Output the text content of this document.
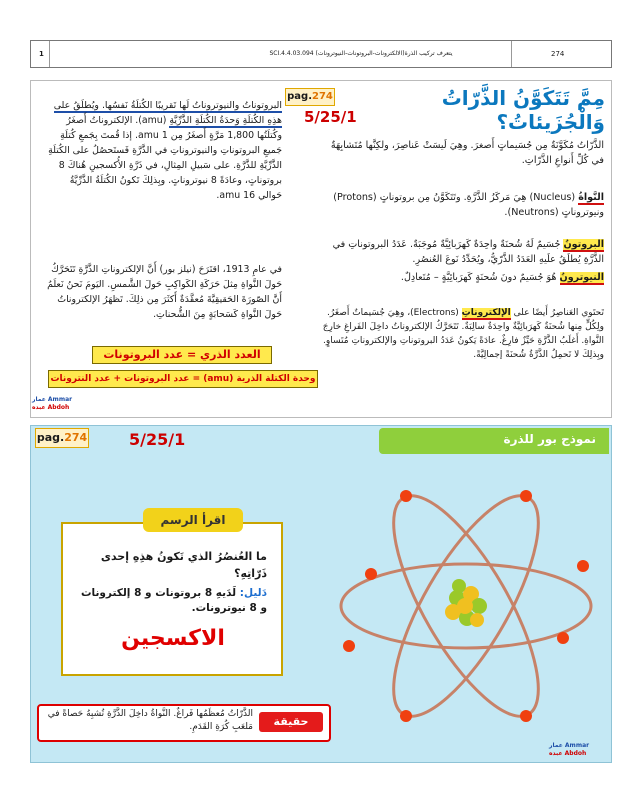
1	SCI.4.4.03.094 يتعرف تركيب الذرة(الالكترونات-البروتونات-النيوترونات)	274
pag.274
5/25/1
مِمَّ تَتَكَوَّنُ الذَّرّاتُ وَالْجُزَيئاتُ؟
الذَّرّاتُ مُكَوَّنَةٌ مِن جُسَيماتٍ أَصغرَ. وهِيَ لَيسَتْ عَناصِرَ، ولكِنَّها مُتَشابِهَةٌ في كُلِّ أَنواعِ الذَّرّاتِ.
النَّواةُ (Nucleus) هِيَ مَركَزُ الذَّرَّةِ. وتَتَكَوَّنُ مِن بروتوناتٍ (Protons) ونيوتروناتٍ (Neutrons).
البروتونُ جُسَيمٌ لَهُ شُحنَةٌ واحِدَةٌ كَهرَبائِيَّةٌ مُوجَبَةٌ. عَدَدُ البروتوناتِ في الذَّرَّةِ يُطلَقُ علَيهِ العَدَدُ الذَّرّيُّ، ويُحَدِّدُ نَوعَ العُنصُرِ.
النيوترونُ هُوَ جُسَيمٌ دونَ شُحنَةٍ كَهرَبائِيَّةٍ – مُتَعادِلٌ.
تَحتَوي العَناصِرُ أَيضًا على الإلكتروناتِ (Electrons)، وهِيَ جُسَيماتٌ أَصغَرُ. ولِكُلٍّ مِنها شُحنَةٌ كَهرَبائِيَّةٌ واحِدَةٌ سالِبَةٌ. تَتَحَرَّكُ الإلكتروناتُ داخِلَ الفَراغِ خارِجَ النَّواةِ. أَغلَبُ الذَّرَّةِ حَيِّزٌ فارِغٌ. عادَةً يَكونُ عَدَدُ البروتوناتِ والإلكتروناتِ مُتَساوٍ. وبِذلِكَ لا تَحمِلُ الذَّرَّةُ شُحنَةً إجمالِيَّةً.
البروتوناتُ والنيوتروناتُ لَها تَقريبًا الكُتلَةُ نَفسُها. ويُطلَقُ على هذِهِ الكُتلَةِ وَحدَةُ الكُتلَةِ الذَّرِّيَّةِ (amu). الإلكتروناتُ أَصغَرُ وكُتلَتُها 1,800 مَرَّةٍ أَصغَرُ مِن 1 amu. إذا قُمتَ بِجَمعِ كُتلَةِ جَميعِ البروتوناتِ والنيوتروناتِ في الذَّرَّةِ فَستَحصُلُ على الكُتلَةِ الذَّرِّيَّةِ للذَّرَّةِ. على سَبيلِ المِثالِ، في ذَرَّةِ الأُكسجينِ هُناكَ 8 بروتوناتٍ، وعادَةً 8 نيوتروناتٍ. وبِذلِكَ تَكونُ الكُتلَةُ الذَّرِّيَّةُ حَوالي 16 amu.
في عامِ 1913، اقتَرَحَ (نيلز بور) أَنَّ الإلكتروناتِ الذَّرَّةِ تَتَحَرَّكُ حَولَ النَّواةِ مِثلَ حَرَكَةِ الكَواكِبِ حَولَ الشَّمسِ. اليَومَ نَحنُ نَعلَمُ أَنَّ الصّورَةَ الحَقيقِيَّةَ مُعقَّدَةٌ أَكثَرَ مِن ذلِكَ. تَظهَرُ الإلكتروناتُ حَولَ النَّواةِ كَسَحابَةٍ مِنَ الشُّحناتِ.
العدد الذري = عدد البروتونات
وحدة الكتلة الذرية (amu) = عدد البروتونات + عدد النترونات
عمار Ammar
عبده Abdoh
نموذج بور للذرة
pag.274	5/25/1
اقرأ الرسم
ما العُنصُرُ الذي تَكونُ هذِهِ إحدى ذَرّاتِهِ؟
دَليل: لَدَيهِ 8 بروتونات و 8 إلكترونات و 8 نيوترونات.
الاكسجين
حقيقة
الذَّرّاتُ مُعظَمُها فَراغٌ. النَّواةُ داخِلَ الذَّرَّةِ تُشبِهُ حَصاةً في مَلعَبِ كُرَةِ القَدَمِ.
عمار Ammar
عبده Abdoh
